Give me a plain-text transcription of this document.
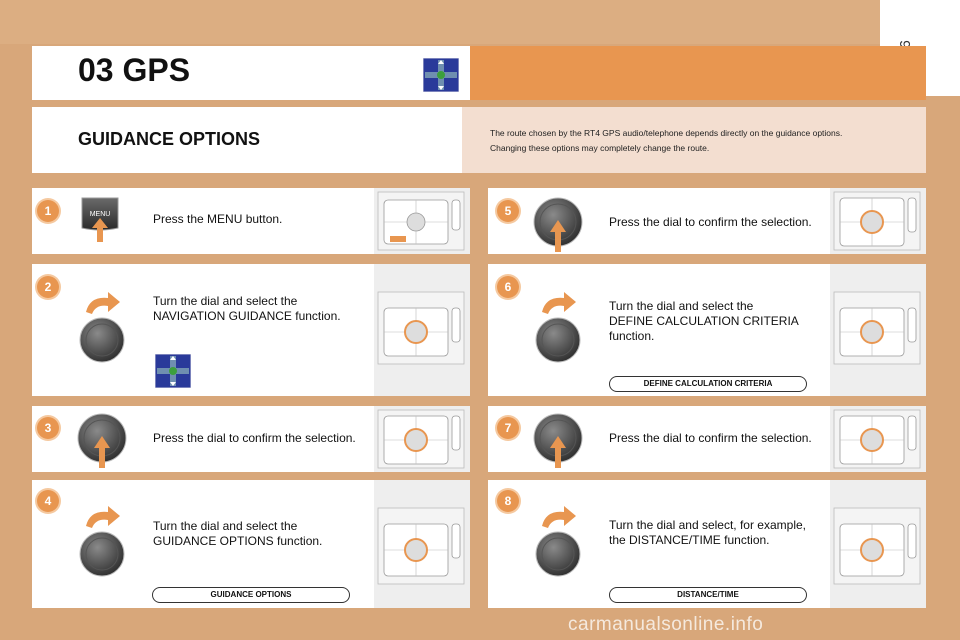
03 GPS
GUIDANCE OPTIONS	The route chosen by the RT4 GPS audio/telephone depends directly on the guidance options.
Changing these options may completely change the route.
1
2
3
4
5
6
7
8
MENU	Press the MENU button.
Turn the dial and select the
NAVIGATION GUIDANCE function.
Press the dial to confirm the selection.
Turn the dial and select the
GUIDANCE OPTIONS function.
Press the dial to confirm the selection.
Turn the dial and select the
DEFINE CALCULATION CRITERIA
function.
Press the dial to confirm the selection.
Turn the dial and select, for example,
the DISTANCE/TIME function.
GUIDANCE OPTIONS
DEFINE CALCULATION CRITERIA
DISTANCE/TIME
carmanualsonline.info
